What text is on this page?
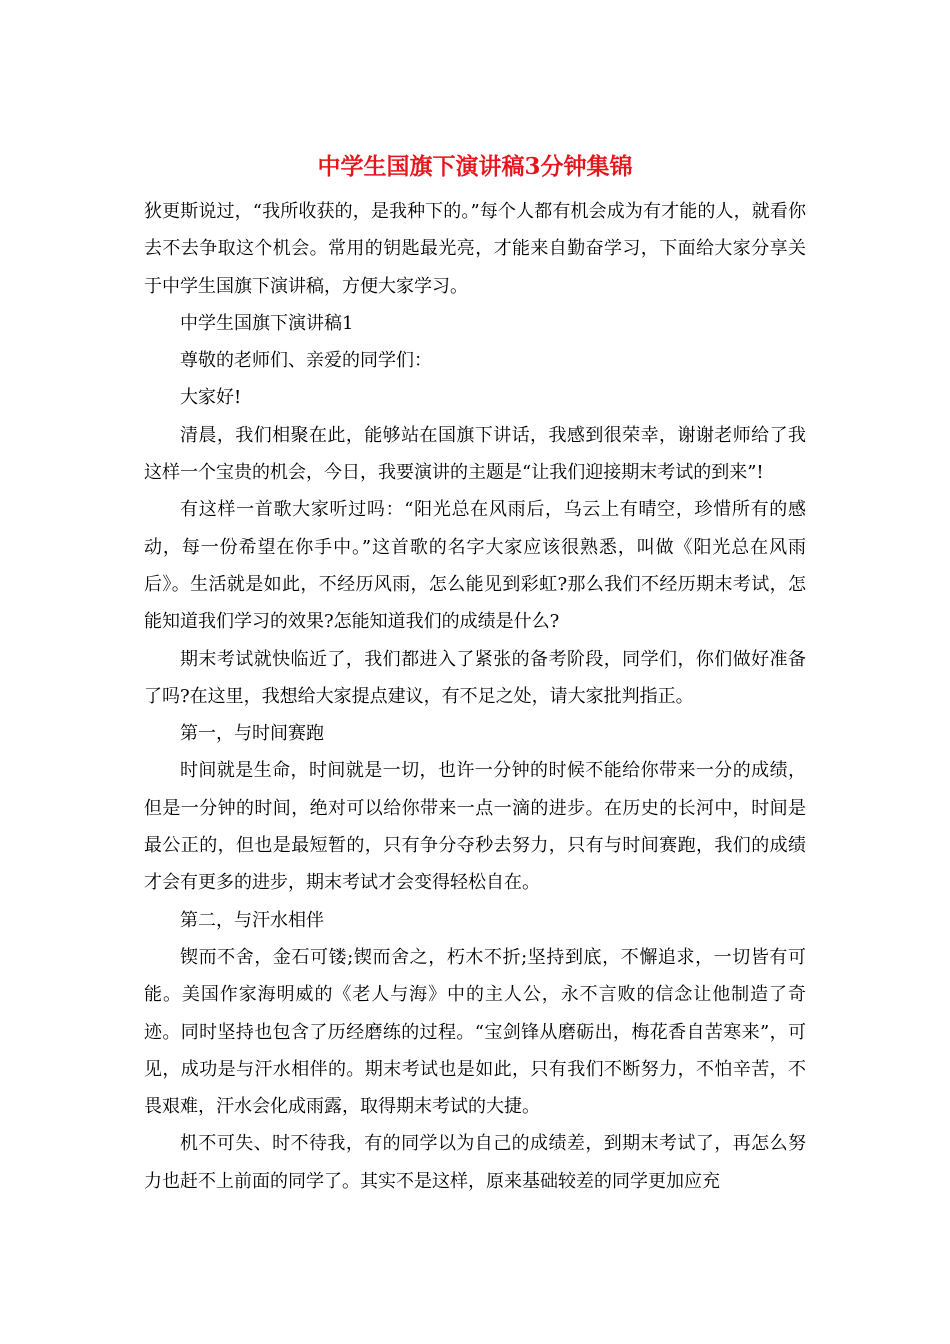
中学生国旗下演讲稿3分钟集锦

狄更斯说过，“我所收获的，是我种下的。”每个人都有机会成为有才能的人，就看你去不去争取这个机会。常用的钥匙最光亮，才能来自勤奋学习，下面给大家分享关于中学生国旗下演讲稿，方便大家学习。

中学生国旗下演讲稿1

尊敬的老师们、亲爱的同学们：

大家好!

清晨，我们相聚在此，能够站在国旗下讲话，我感到很荣幸，谢谢老师给了我这样一个宝贵的机会，今日，我要演讲的主题是“让我们迎接期末考试的到来”!

有这样一首歌大家听过吗：“阳光总在风雨后，乌云上有晴空，珍惜所有的感动，每一份希望在你手中。”这首歌的名字大家应该很熟悉，叫做《阳光总在风雨后》。生活就是如此，不经历风雨，怎么能见到彩虹?那么我们不经历期末考试，怎能知道我们学习的效果?怎能知道我们的成绩是什么?

期末考试就快临近了，我们都进入了紧张的备考阶段，同学们，你们做好准备了吗?在这里，我想给大家提点建议，有不足之处，请大家批判指正。

第一，与时间赛跑

时间就是生命，时间就是一切，也许一分钟的时候不能给你带来一分的成绩，但是一分钟的时间，绝对可以给你带来一点一滴的进步。在历史的长河中，时间是最公正的，但也是最短暂的，只有争分夺秒去努力，只有与时间赛跑，我们的成绩才会有更多的进步，期末考试才会变得轻松自在。

第二，与汗水相伴

锲而不舍，金石可镂;锲而舍之，朽木不折;坚持到底，不懈追求，一切皆有可能。美国作家海明威的《老人与海》中的主人公，永不言败的信念让他制造了奇迹。同时坚持也包含了历经磨练的过程。“宝剑锋从磨砺出，梅花香自苦寒来”，可见，成功是与汗水相伴的。期末考试也是如此，只有我们不断努力，不怕辛苦，不畏艰难，汗水会化成雨露，取得期末考试的大捷。

机不可失、时不待我，有的同学以为自己的成绩差，到期末考试了，再怎么努力也赶不上前面的同学了。其实不是这样，原来基础较差的同学更加应充
